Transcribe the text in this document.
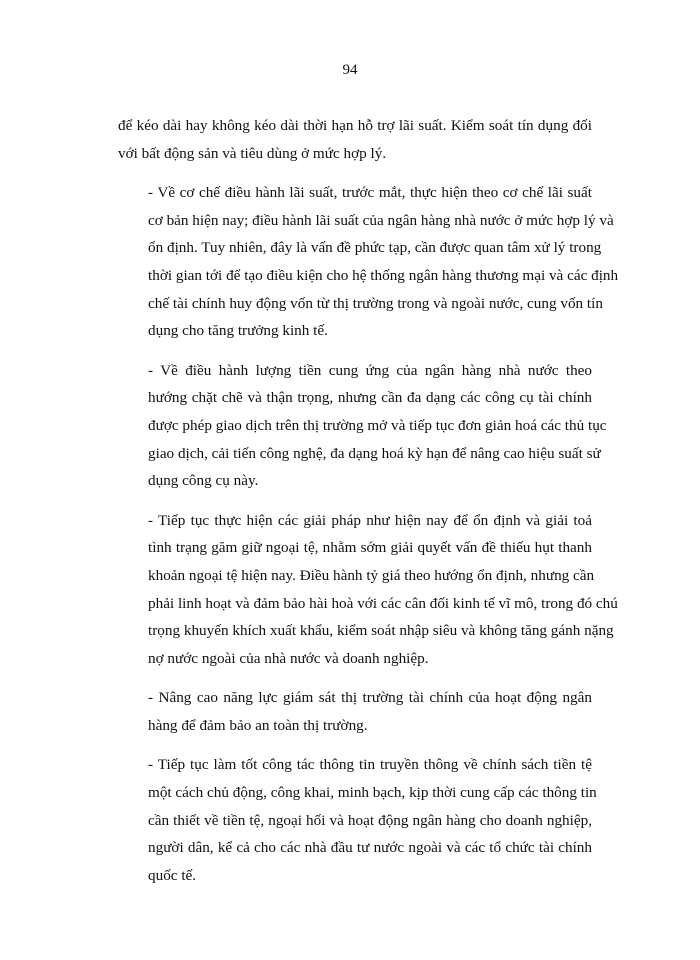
94

để kéo dài hay không kéo dài thời hạn hỗ trợ lãi suất. Kiểm soát tín dụng đối
với bất động sản và tiêu dùng ở mức hợp lý.

- Về cơ chế điều hành lãi suất, trước mắt, thực hiện theo cơ chế lãi suất
cơ bản hiện nay; điều hành lãi suất của ngân hàng nhà nước ở mức hợp lý và
ổn định. Tuy nhiên, đây là vấn đề phức tạp, cần được quan tâm xử lý trong
thời gian tới để tạo điều kiện cho hệ thống ngân hàng thương mại và các định
chế tài chính huy động vốn từ thị trường trong và ngoài nước, cung vốn tín
dụng cho tăng trưởng kinh tế.

- Về điều hành lượng tiền cung ứng của ngân hàng nhà nước theo
hướng chặt chẽ và thận trọng, nhưng cần đa dạng các công cụ tài chính
được phép giao dịch trên thị trường mở và tiếp tục đơn giản hoá các thủ tục
giao dịch, cải tiến công nghệ, đa dạng hoá kỳ hạn để nâng cao hiệu suất sử
dụng công cụ này.

- Tiếp tục thực hiện các giải pháp như hiện nay để ổn định và giải toả
tình trạng găm giữ ngoại tệ, nhằm sớm giải quyết vấn đề thiếu hụt thanh
khoản ngoại tệ hiện nay. Điều hành tỷ giá theo hướng ổn định, nhưng cần
phải linh hoạt và đảm bảo hài hoà với các cân đối kinh tế vĩ mô, trong đó chú
trọng khuyến khích xuất khẩu, kiểm soát nhập siêu và không tăng gánh nặng
nợ nước ngoài của nhà nước và doanh nghiệp.

- Nâng cao năng lực giám sát thị trường tài chính của hoạt động ngân
hàng để đảm bảo an toàn thị trường.

- Tiếp tục làm tốt công tác thông tin truyền thông về chính sách tiền tệ
một cách chủ động, công khai, minh bạch, kịp thời cung cấp các thông tin
cần thiết về tiền tệ, ngoại hối và hoạt động ngân hàng cho doanh nghiệp,
người dân, kể cả cho các nhà đầu tư nước ngoài và các tổ chức tài chính
quốc tế.
